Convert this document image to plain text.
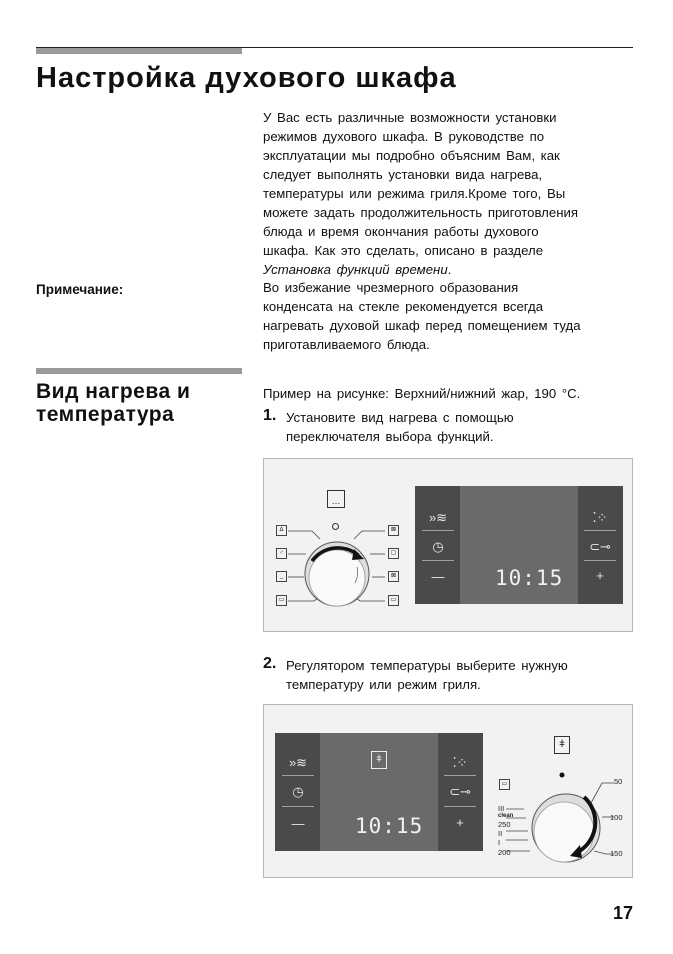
Настройка духового шкафа

У Вас есть различные возможности установки

режимов духового шкафа. В руководстве по

эксплуатации мы подробно объясним Вам, как

следует выполнять установки вида нагрева,

температуры или режима гриля.Кроме того, Вы

можете задать продолжительность приготовления

блюда и время окончания работы духового

шкафа. Как это сделать, описано в разделе

Установка функций времени.

Примечание:	Во избежание чрезмерного образования

конденсата на стекле рекомендуется всегда

нагревать духовой шкаф перед помещением туда

приготавливаемого блюда.

Вид нагрева и
температура

Пример на рисунке: Верхний/нижний жар, 190 °C.

1. Установите вид нагрева с помощью
переключателя выбора функций.
…
∆
♂
_
▭
⊠
▢
⊠
▭
»≋
◷
—	10:15
⁚⁘
⊂⊸
+
2. Регулятором температуры выберите нужную
температуру или режим гриля.
ǂ
»≋
◷
—	10:15
⁚⁘
⊂⊸
+
ǂ
▭	50
100
150
III
clean
250
II
I
200
17
